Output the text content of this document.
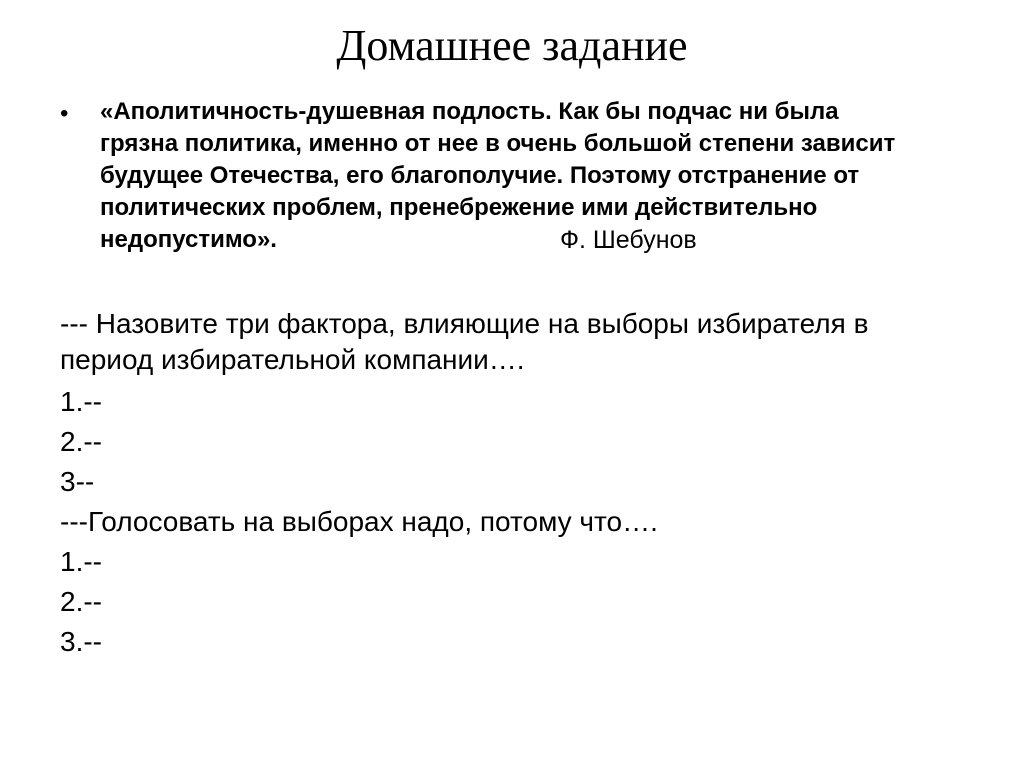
Домашнее задание
• «Аполитичность-душевная подлость. Как бы подчас ни была
грязна политика, именно от нее в очень большой степени зависит
будущее Отечества, его благополучие. Поэтому отстранение от
политических проблем, пренебрежение ими действительно
недопустимо».	Ф. Шебунов

--- Назовите три фактора, влияющие на выборы избирателя в
период избирательной компании….

1.--

2.--

3--

---Голосовать на выборах надо, потому что….

1.--

2.--

3.--
